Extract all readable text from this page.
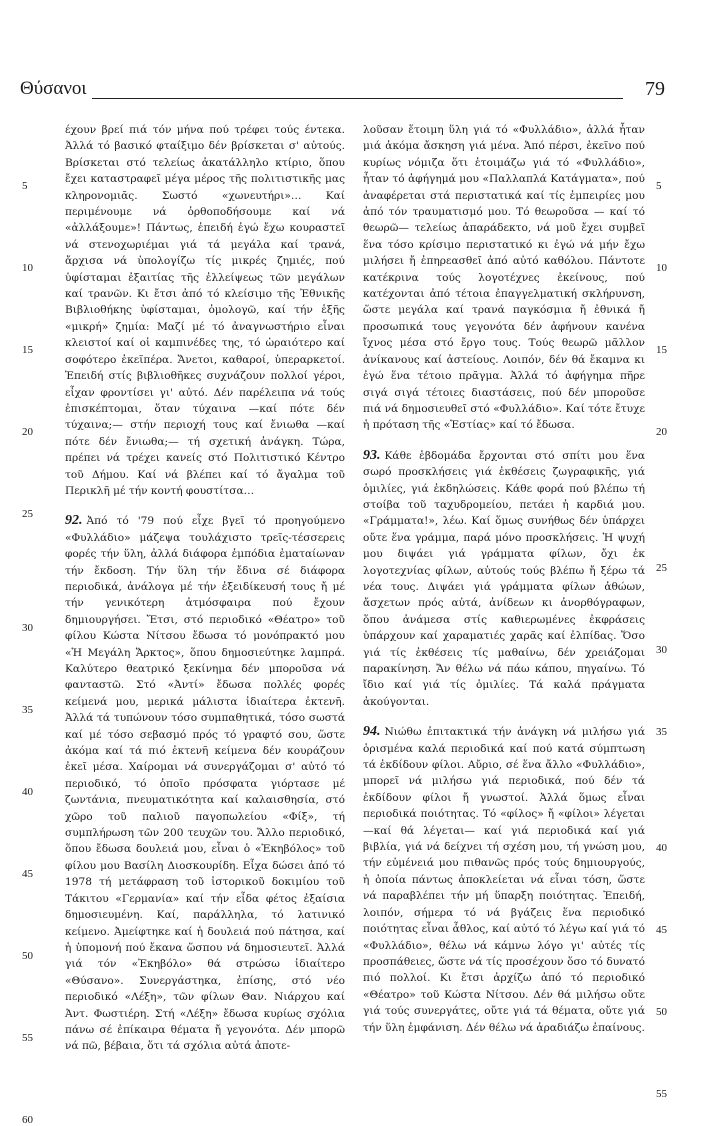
Θύσανοι	79
5
10
15
20
25
30
35
40
45
50
55
60
5
10
15
20
25
30
35
40
45
50
55

έχουν βρεί πιά τόν μήνα πού τρέφει τούς έντεκα. Ἀλλά τό βασικό φταίξιμο δέν βρίσκεται σ' αὐτούς. Βρίσκεται στό τελείως ἀκατάλληλο κτίριο, ὅπου ἔχει καταστραφεῖ μέγα μέρος τῆς πολιτιστικῆς μας κληρονομιᾶς. Σωστό «χωνευτήρι»… Καί περιμένουμε νά ὀρθοποδήσουμε καί νά «ἀλλάξουμε»! Πάντως, ἐπειδή ἐγώ ἔχω κουραστεῖ νά στενοχωριέμαι γιά τά μεγάλα καί τρανά, ἄρχισα νά ὑπολογίζω τίς μικρές ζημιές, πού ὑφίσταμαι ἐξαιτίας τῆς ἐλλείψεως τῶν μεγάλων καί τρανῶν. Κι ἔτσι ἀπό τό κλείσιμο τῆς Ἐθνικῆς Βιβλιοθήκης ὑφίσταμαι, ὁμολογῶ, καί τήν ἑξῆς «μικρή» ζημία: Μαζί μέ τό ἀναγνωστήριο εἶναι κλειστοί καί οἱ καμπινέδες της, τό ὡραιότερο καί σοφότερο ἐκεῖπέρα. Ἄνετοι, καθαροί, ὑπεραρκετοί. Ἐπειδή στίς βιβλιοθῆκες συχνάζουν πολλοί γέροι, εἶχαν φροντίσει γι' αὐτό. Δέν παρέλειπα νά τούς ἐπισκέπτομαι, ὅταν τύχαινα —καί πότε δέν τύχαινα;— στήν περιοχή τους καί ἔνιωθα —καί πότε δέν ἔνιωθα;— τή σχετική ἀνάγκη. Τώρα, πρέπει νά τρέχει κανείς στό Πολιτιστικό Κέντρο τοῦ Δήμου. Καί νά βλέπει καί τό ἄγαλμα τοῦ Περικλῆ μέ τήν κοντή φουστίτσα…

92. Ἀπό τό '79 πού εἶχε βγεῖ τό προηγούμενο «Φυλλάδιο» μάζεψα τουλάχιστο τρεῖς-τέσσερεις φορές τήν ὕλη, ἀλλά διάφορα ἐμπόδια ἐματαίωναν τήν ἔκδοση. Τήν ὕλη τήν ἔδινα σέ διάφορα περιοδικά, ἀνάλογα μέ τήν ἐξειδίκευσή τους ἤ μέ τήν γενικότερη ἀτμόσφαιρα πού ἔχουν δημιουργήσει. Ἔτσι, στό περιοδικό «Θέατρο» τοῦ φίλου Κώστα Νίτσου ἔδωσα τό μονόπρακτό μου «Ἡ Μεγάλη Ἄρκτος», ὅπου δημοσιεύτηκε λαμπρά. Καλύτερο θεατρικό ξεκίνημα δέν μποροῦσα νά φανταστῶ. Στό «Ἀντί» ἔδωσα πολλές φορές κείμενά μου, μερικά μάλιστα ἰδιαίτερα ἐκτενῆ. Ἀλλά τά τυπώνουν τόσο συμπαθητικά, τόσο σωστά καί μέ τόσο σεβασμό πρός τό γραφτό σου, ὥστε ἀκόμα καί τά πιό ἐκτενῆ κείμενα δέν κουράζουν ἐκεῖ μέσα. Χαίρομαι νά συνεργάζομαι σ' αὐτό τό περιοδικό, τό ὁποῖο πρόσφατα γιόρτασε μέ ζωντάνια, πνευματικότητα καί καλαισθησία, στό χῶρο τοῦ παλιοῦ παγοπωλείου «Φίξ», τή συμπλήρωση τῶν 200 τευχῶν του. Ἄλλο περιοδικό, ὅπου ἔδωσα δουλειά μου, εἶναι ὁ «Ἐκηβόλος» τοῦ φίλου μου Βασίλη Διοσκουρίδη. Εἶχα δώσει ἀπό τό 1978 τή μετάφραση τοῦ ἱστορικοῦ δοκιμίου τοῦ Τάκιτου «Γερμανία» καί τήν εἶδα φέτος ἐξαίσια δημοσιευμένη. Καί, παράλληλα, τό λατινικό κείμενο. Ἀμείφτηκε καί ἡ δουλειά πού πάτησα, καί ἡ ὑπομονή πού ἔκανα ὥσπου νά δημοσιευτεῖ. Ἀλλά γιά τόν «Ἐκηβόλο» θά στρώσω ἰδιαίτερο «Θύσανο». Συνεργάστηκα, ἐπίσης, στό νέο περιοδικό «Λέξη», τῶν φίλων Θαν. Νιάρχου καί Ἀντ. Φωστιέρη. Στή «Λέξη» ἔδωσα κυρίως σχόλια πάνω σέ ἐπίκαιρα θέματα ἤ γεγονότα. Δέν μπορῶ νά πῶ, βέβαια, ὅτι τά σχόλια αὐτά ἀποτε-

λοῦσαν ἕτοιμη ὕλη γιά τό «Φυλλάδιο», ἀλλά ἦταν μιά ἀκόμα ἄσκηση γιά μένα. Ἀπό πέρσι, ἐκεῖνο πού κυρίως νόμιζα ὅτι ἑτοιμάζω γιά τό «Φυλλάδιο», ἦταν τό ἀφήγημά μου «Παλλαπλά Κατάγματα», πού ἀναφέρεται στά περιστατικά καί τίς ἐμπειρίες μου ἀπό τόν τραυματισμό μου. Τό θεωροῦσα — καί τό θεωρῶ— τελείως ἀπαράδεκτο, νά μοῦ ἔχει συμβεῖ ἕνα τόσο κρίσιμο περιστατικό κι ἐγώ νά μήν ἔχω μιλήσει ἤ ἐπηρεασθεῖ ἀπό αὐτό καθόλου. Πάντοτε κατέκρινα τούς λογοτέχνες ἐκείνους, πού κατέχονται ἀπό τέτοια ἐπαγγελματική σκλήρυνση, ὥστε μεγάλα καί τρανά παγκόσμια ἤ ἐθνικά ἤ προσωπικά τους γεγονότα δέν ἀφήνουν κανένα ἴχνος μέσα στό ἔργο τους. Τούς θεωρῶ μᾶλλον ἀνίκανους καί ἀστείους. Λοιπόν, δέν θά ἔκαμνα κι ἐγώ ἕνα τέτοιο πρᾶγμα. Ἀλλά τό ἀφήγημα πῆρε σιγά σιγά τέτοιες διαστάσεις, πού δέν μποροῦσε πιά νά δημοσιευθεῖ στό «Φυλλάδιο». Καί τότε ἔτυχε ἡ πρόταση τῆς «Ἑστίας» καί τό ἔδωσα.

93. Κάθε ἑβδομάδα ἔρχονται στό σπίτι μου ἕνα σωρό προσκλήσεις γιά ἐκθέσεις ζωγραφικῆς, γιά ὁμιλίες, γιά ἐκδηλώσεις. Κάθε φορά πού βλέπω τή στοίβα τοῦ ταχυδρομείου, πετάει ἡ καρδιά μου. «Γράμματα!», λέω. Καί ὅμως συνήθως δέν ὑπάρχει οὔτε ἕνα γράμμα, παρά μόνο προσκλήσεις. Ἡ ψυχή μου διψάει γιά γράμματα φίλων, ὄχι ἐκ λογοτεχνίας φίλων, αὐτούς τούς βλέπω ἤ ξέρω τά νέα τους. Διψάει γιά γράμματα φίλων ἀθώων, ἄσχετων πρός αὐτά, ἀνίδεων κι ἀνορθόγραφων, ὅπου ἀνάμεσα στίς καθιερωμένες ἐκφράσεις ὑπάρχουν καί χαραματιές χαρᾶς καί ἐλπίδας. Ὅσο γιά τίς ἐκθέσεις τίς μαθαίνω, δέν χρειάζομαι παρακίνηση. Ἄν θέλω νά πάω κάπου, πηγαίνω. Τό ἴδιο καί γιά τίς ὁμιλίες. Τά καλά πράγματα ἀκούγονται.

94. Νιώθω ἐπιτακτικά τήν ἀνάγκη νά μιλήσω γιά ὁρισμένα καλά περιοδικά καί πού κατά σύμπτωση τά ἐκδίδουν φίλοι. Αὔριο, σέ ἕνα ἄλλο «Φυλλάδιο», μπορεῖ νά μιλήσω γιά περιοδικά, πού δέν τά ἐκδίδουν φίλοι ἤ γνωστοί. Ἀλλά ὅμως εἶναι περιοδικά ποιότητας. Τό «φίλος» ἤ «φίλοι» λέγεται —καί θά λέγεται— καί γιά περιοδικά καί γιά βιβλία, γιά νά δείχνει τή σχέση μου, τή γνώση μου, τήν εὐμένειά μου πιθανῶς πρός τούς δημιουργούς, ἡ ὁποία πάντως ἀποκλείεται νά εἶναι τόση, ὥστε νά παραβλέπει τήν μή ὕπαρξη ποιότητας. Ἐπειδή, λοιπόν, σήμερα τό νά βγάζεις ἕνα περιοδικό ποιότητας εἶναι ἆθλος, καί αὐτό τό λέγω καί γιά τό «Φυλλάδιο», θέλω νά κάμνω λόγο γι' αὐτές τίς προσπάθειες, ὥστε νά τίς προσέχουν ὅσο τό δυνατό πιό πολλοί. Κι ἔτσι ἀρχίζω ἀπό τό περιοδικό «Θέατρο» τοῦ Κώστα Νίτσου. Δέν θά μιλήσω οὔτε γιά τούς συνεργάτες, οὔτε γιά τά θέματα, οὔτε γιά τήν ὕλη ἐμφάνιση. Δέν θέλω νά ἀραδιάζω ἐπαίνους.
